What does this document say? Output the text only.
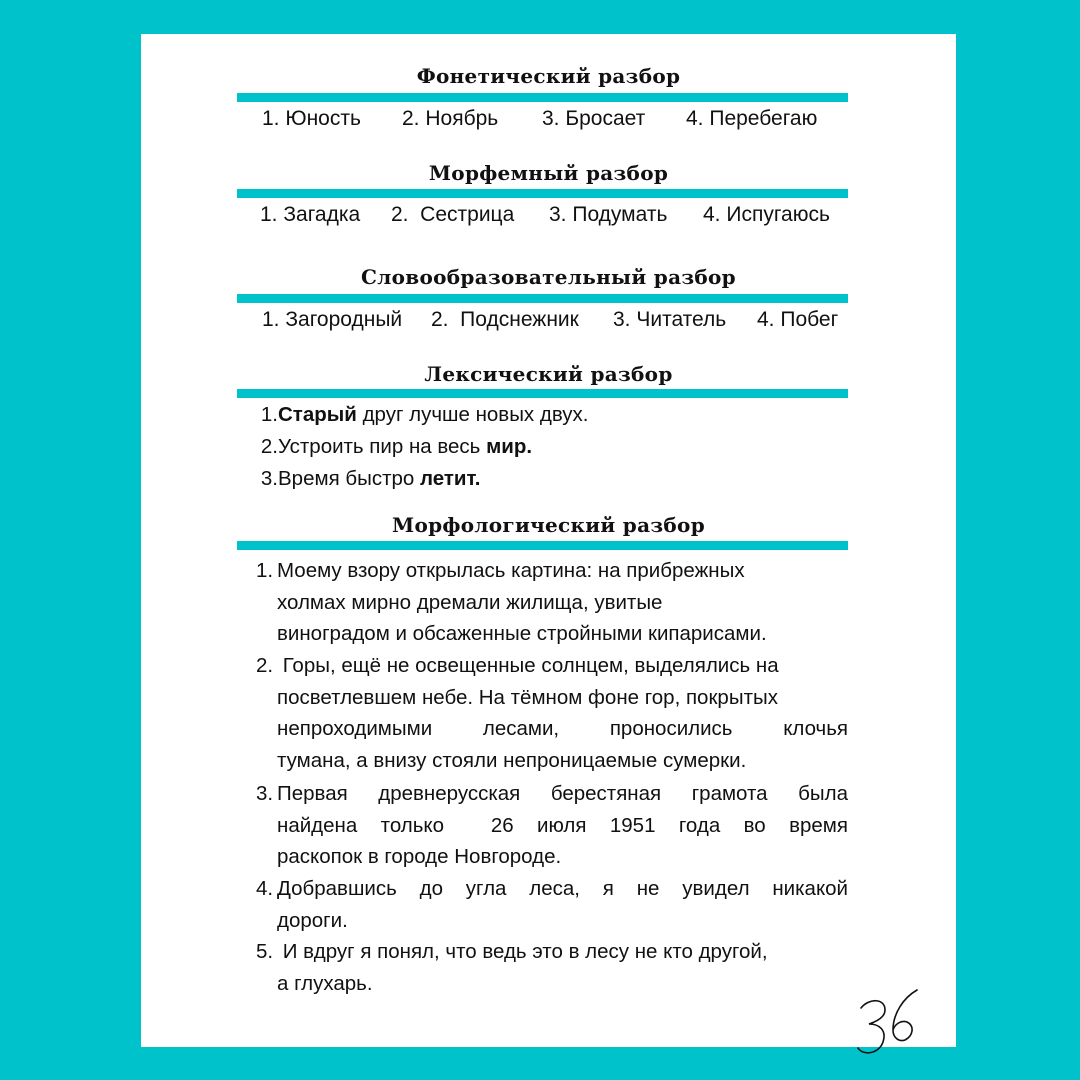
Фонетический разбор
1. Юность 2. Ноябрь 3. Бросает 4. Перебегаю
Морфемный разбор
1. Загадка 2.  Сестрица 3. Подумать 4. Испугаюсь
Словообразовательный разбор
1. Загородный 2.  Подснежник 3. Читатель 4. Побег
Лексический разбор
1.Старый друг лучше новых двух.
2.Устроить пир на весь мир.
3.Время быстро летит.
Морфологический разбор
1. Моему взору открылась картина: на прибрежных
холмах мирно дремали жилища, увитые
виноградом и обсаженные стройными кипарисами.
2. Горы, ещё не освещенные солнцем, выделялись на
посветлевшем небе. На тёмном фоне гор, покрытых
непроходимыми лесами, проносились клочья
тумана, а внизу стояли непроницаемые сумерки.
3. Первая древнерусская берестяная грамота была
найдена только  26 июля 1951 года во время
раскопок в городе Новгороде.
4. Добравшись до угла леса, я не увидел никакой
дороги.
5. И вдруг я понял, что ведь это в лесу не кто другой,
а глухарь.
